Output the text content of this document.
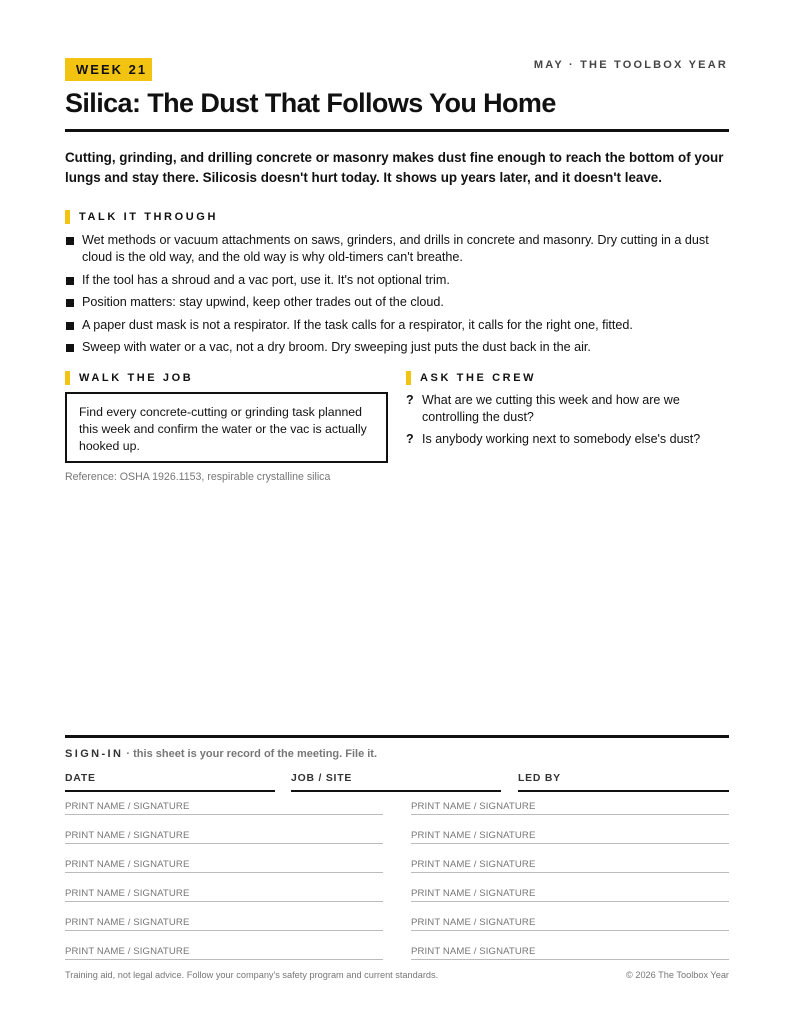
WEEK 21	MAY · THE TOOLBOX YEAR
Silica: The Dust That Follows You Home

Cutting, grinding, and drilling concrete or masonry makes dust fine enough to reach the bottom of your lungs and stay there. Silicosis doesn't hurt today. It shows up years later, and it doesn't leave.

TALK IT THROUGH
Wet methods or vacuum attachments on saws, grinders, and drills in concrete and masonry. Dry cutting in a dust cloud is the old way, and the old way is why old-timers can't breathe.
If the tool has a shroud and a vac port, use it. It's not optional trim.
Position matters: stay upwind, keep other trades out of the cloud.
A paper dust mask is not a respirator. If the task calls for a respirator, it calls for the right one, fitted.
Sweep with water or a vac, not a dry broom. Dry sweeping just puts the dust back in the air.
WALK THE JOB
Find every concrete-cutting or grinding task planned this week and confirm the water or the vac is actually hooked up.
Reference: OSHA 1926.1153, respirable crystalline silica
ASK THE CREW
? What are we cutting this week and how are we controlling the dust?
? Is anybody working next to somebody else's dust?
SIGN-IN · this sheet is your record of the meeting. File it.
DATE	JOB / SITE	LED BY
PRINT NAME / SIGNATURE	PRINT NAME / SIGNATURE
PRINT NAME / SIGNATURE	PRINT NAME / SIGNATURE
PRINT NAME / SIGNATURE	PRINT NAME / SIGNATURE
PRINT NAME / SIGNATURE	PRINT NAME / SIGNATURE
PRINT NAME / SIGNATURE	PRINT NAME / SIGNATURE
PRINT NAME / SIGNATURE	PRINT NAME / SIGNATURE
Training aid, not legal advice. Follow your company's safety program and current standards.	© 2026 The Toolbox Year
